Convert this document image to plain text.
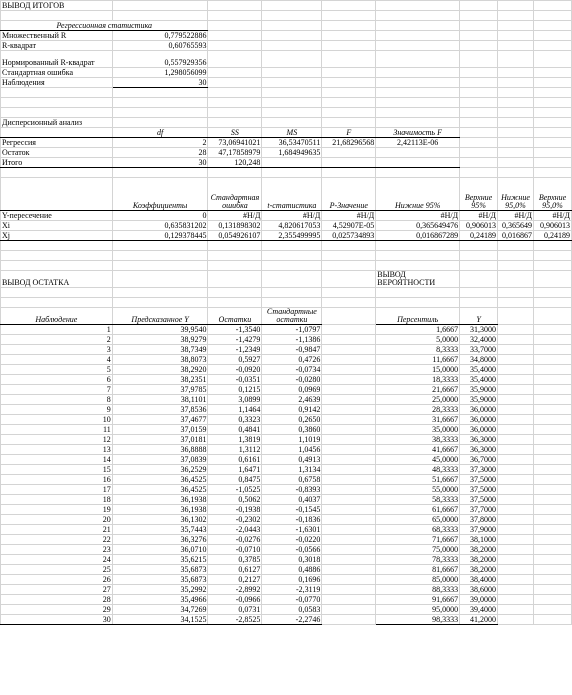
ВЫВОД ИТОГОВ								

Регрессионная статистика								
Множественный R	0,779522886							
R-квадрат	0,60765593							
Нормированный R-квадрат	0,557929356							
Стандартная ошибка	1,298056099							
Наблюдения	30							

Дисперсионный анализ								
	df	SS	MS	F	Значимость F			
Регрессия	2	73,06941021	36,53470511	21,68296568	2,42113E-06			
Остаток	28	47,17858979	1,684949635					
Итого	30	120,248						

	Коэффициенты	Стандартная ошибка	t-статистика	P-Значение	Нижние 95%	Верхние 95%	Нижние 95,0%	Верхние 95,0%
Y-пересечение	0	#Н/Д	#Н/Д	#Н/Д	#Н/Д	#Н/Д	#Н/Д	#Н/Д
Xi	0,635831202	0,131898302	4,820617053	4,52907E-05	0,365649476	0,906013	0,365649	0,906013
Xj	0,129378445	0,054926107	2,355499995	0,025734893	0,016867289	0,24189	0,016867	0,24189

ВЫВОД ОСТАТКА					ВЫВОД ВЕРОЯТНОСТИ			

Наблюдение	Предсказанное Y	Остатки	Стандартные остатки		Персентиль	Y		
1	39,9540	-1,3540	-1,0797		1,6667	31,3000		
2	38,9279	-1,4279	-1,1386		5,0000	32,4000		
3	38,7349	-1,2349	-0,9847		8,3333	33,7000		
4	38,8073	0,5927	0,4726		11,6667	34,8000		
5	38,2920	-0,0920	-0,0734		15,0000	35,4000		
6	38,2351	-0,0351	-0,0280		18,3333	35,4000		
7	37,9785	0,1215	0,0969		21,6667	35,9000		
8	38,1101	3,0899	2,4639		25,0000	35,9000		
9	37,8536	1,1464	0,9142		28,3333	36,0000		
10	37,4677	0,3323	0,2650		31,6667	36,0000		
11	37,0159	0,4841	0,3860		35,0000	36,0000		
12	37,0181	1,3819	1,1019		38,3333	36,3000		
13	36,8888	1,3112	1,0456		41,6667	36,3000		
14	37,0839	0,6161	0,4913		45,0000	36,7000		
15	36,2529	1,6471	1,3134		48,3333	37,3000		
16	36,4525	0,8475	0,6758		51,6667	37,5000		
17	36,4525	-1,0525	-0,8393		55,0000	37,5000		
18	36,1938	0,5062	0,4037		58,3333	37,5000		
19	36,1938	-0,1938	-0,1545		61,6667	37,7000		
20	36,1302	-0,2302	-0,1836		65,0000	37,8000		
21	35,7443	-2,0443	-1,6301		68,3333	37,9000		
22	36,3276	-0,0276	-0,0220		71,6667	38,1000		
23	36,0710	-0,0710	-0,0566		75,0000	38,2000		
24	35,6215	0,3785	0,3018		78,3333	38,2000		
25	35,6873	0,6127	0,4886		81,6667	38,2000		
26	35,6873	0,2127	0,1696		85,0000	38,4000		
27	35,2992	-2,8992	-2,3119		88,3333	38,6000		
28	35,4966	-0,0966	-0,0770		91,6667	39,0000		
29	34,7269	0,0731	0,0583		95,0000	39,4000		
30	34,1525	-2,8525	-2,2746		98,3333	41,2000		
